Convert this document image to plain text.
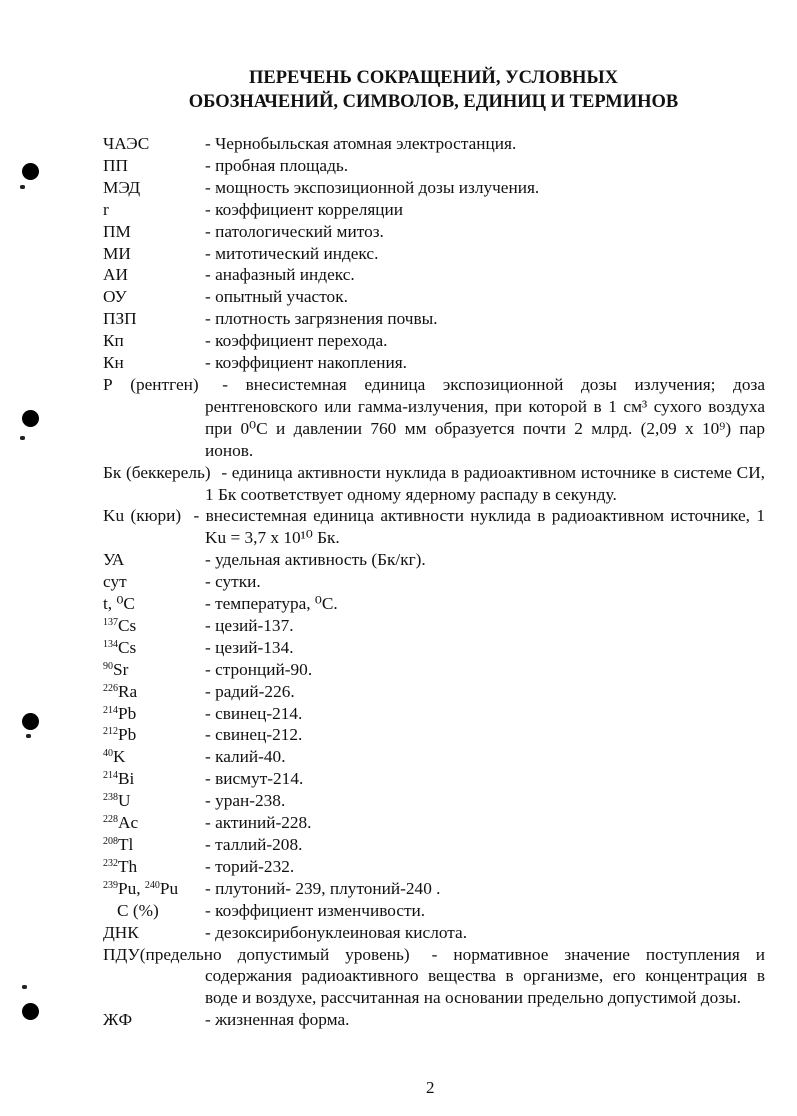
ПЕРЕЧЕНЬ СОКРАЩЕНИЙ, УСЛОВНЫХ
ОБОЗНАЧЕНИЙ, СИМВОЛОВ, ЕДИНИЦ И ТЕРМИНОВ
ЧАЭС	- Чернобыльская атомная электростанция.
ПП	- пробная площадь.
МЭД	- мощность экспозиционной дозы излучения.
r	- коэффициент корреляции
ПМ	- патологический митоз.
МИ	- митотический индекс.
АИ	- анафазный индекс.
ОУ	- опытный участок.
ПЗП	- плотность загрязнения почвы.
Кп	- коэффициент перехода.
Кн	- коэффициент накопления.
Р (рентген) - внесистемная единица экспозиционной дозы излучения; доза рентгеновского или гамма-излучения, при которой в 1 см³ сухого воздуха при 0⁰С и давлении 760 мм образуется почти 2 млрд. (2,09 х 10⁹) пар ионов.
Бк (беккерель) - единица активности нуклида в радиоактивном источнике в системе СИ, 1 Бк соответствует одному ядерному распаду в секунду.
Ku (кюри) - внесистемная единица активности нуклида в радиоактивном источнике, 1 Ku = 3,7 х 10¹⁰ Бк.
УА	- удельная активность (Бк/кг).
сут	- сутки.
t, ⁰C	- температура, ⁰С.
$^{137}$Cs	- цезий-137.
$^{134}$Cs	- цезий-134.
$^{90}$Sr	- стронций-90.
$^{226}$Ra	- радий-226.
$^{214}$Pb	- свинец-214.
$^{212}$Pb	- свинец-212.
$^{40}$K	- калий-40.
$^{214}$Bi	- висмут-214.
$^{238}$U	- уран-238.
$^{228}$Ac	- актиний-228.
$^{208}$Tl	- таллий-208.
$^{232}$Th	- торий-232.
$^{239}$Pu, $^{240}$Pu - плутоний- 239, плутоний-240 .
C (%)	- коэффициент изменчивости.
ДНК	- дезоксирибонуклеиновая кислота.
ПДУ(предельно допустимый уровень) - нормативное значение поступления и содержания радиоактивного вещества в организме, его концентрация в воде и воздухе, рассчитанная на основании предельно допустимой дозы.
ЖФ	- жизненная форма.
2
